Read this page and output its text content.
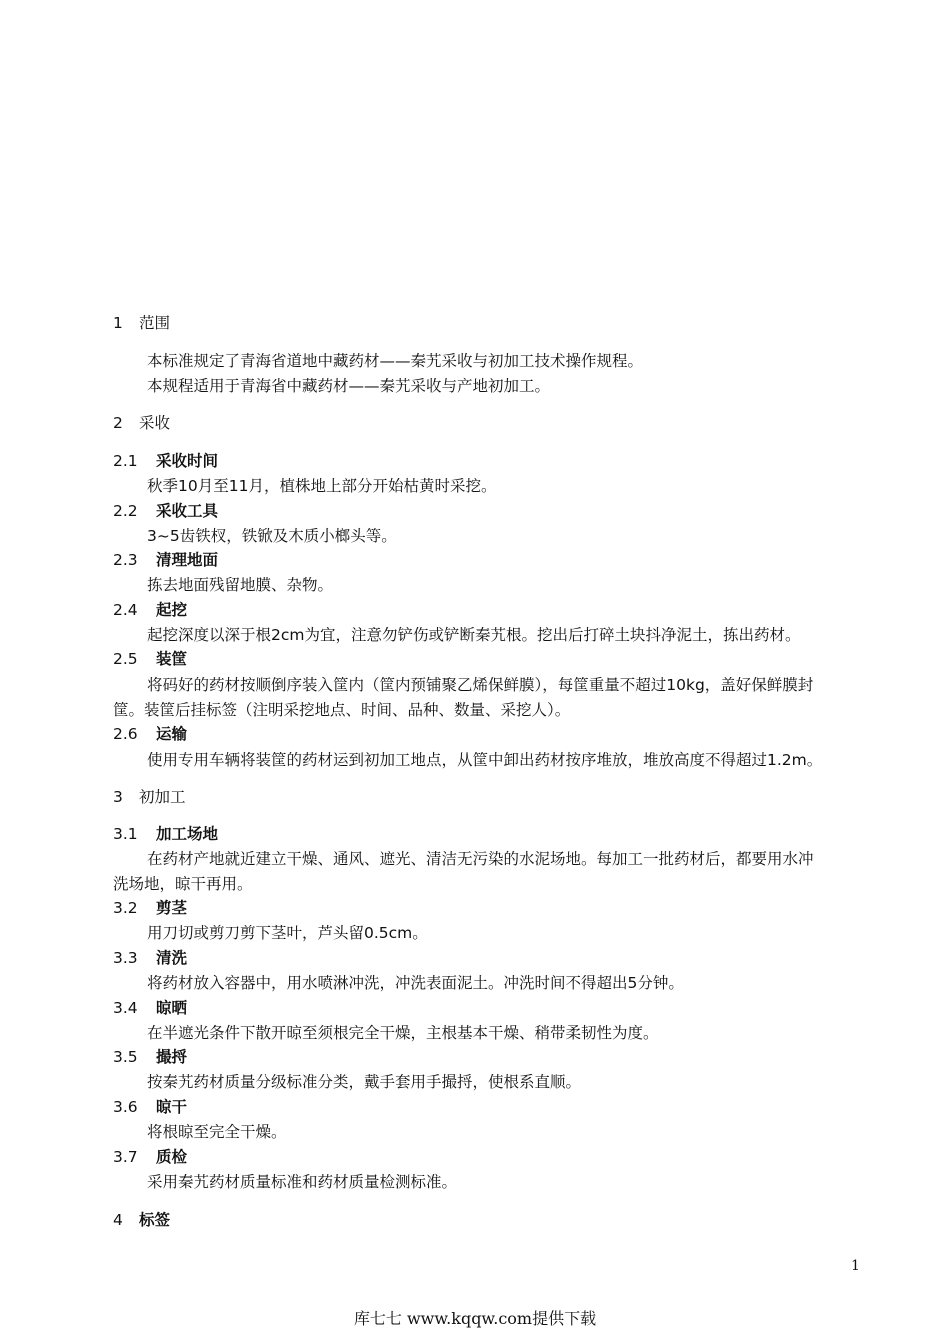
1 范围
本标准规定了青海省道地中藏药材——秦艽采收与初加工技术操作规程。
本规程适用于青海省中藏药材——秦艽采收与产地初加工。
2 采收
2.1 采收时间
秋季10月至11月，植株地上部分开始枯黄时采挖。
2.2 采收工具
3~5齿铁杈，铁锨及木质小榔头等。
2.3 清理地面
拣去地面残留地膜、杂物。
2.4 起挖
起挖深度以深于根2cm为宜，注意勿铲伤或铲断秦艽根。挖出后打碎土块抖净泥土，拣出药材。
2.5 装筐
将码好的药材按顺倒序装入筐内（筐内预铺聚乙烯保鲜膜），每筐重量不超过10kg，盖好保鲜膜封
筐。装筐后挂标签（注明采挖地点、时间、品种、数量、采挖人）。
2.6 运输
使用专用车辆将装筐的药材运到初加工地点，从筐中卸出药材按序堆放，堆放高度不得超过1.2m。
3 初加工
3.1 加工场地
在药材产地就近建立干燥、通风、遮光、清洁无污染的水泥场地。每加工一批药材后，都要用水冲
洗场地，晾干再用。
3.2 剪茎
用刀切或剪刀剪下茎叶，芦头留0.5cm。
3.3 清洗
将药材放入容器中，用水喷淋冲洗，冲洗表面泥土。冲洗时间不得超出5分钟。
3.4 晾晒
在半遮光条件下散开晾至须根完全干燥，主根基本干燥、稍带柔韧性为度。
3.5 撮捋
按秦艽药材质量分级标准分类，戴手套用手撮捋，使根系直顺。
3.6 晾干
将根晾至完全干燥。
3.7 质检
采用秦艽药材质量标准和药材质量检测标准。
4 标签
1
库七七 www.kqqw.com提供下载
